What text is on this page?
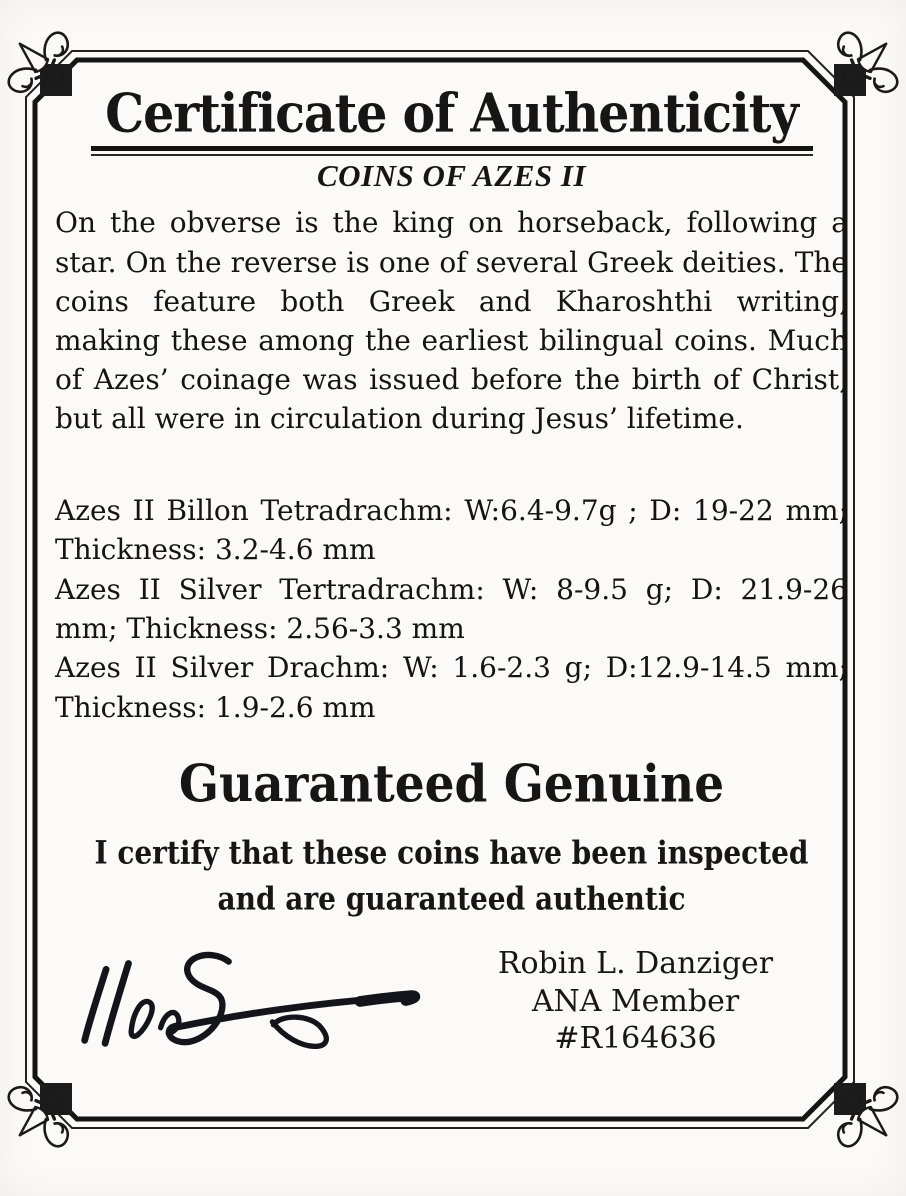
Certificate of Authenticity
COINS OF AZES II
On the obverse is the king on horseback, following a star. On the reverse is one of several Greek deities. The coins feature both Greek and Kharoshthi writing, making these among the earliest bilingual coins. Much of Azes’ coinage was issued before the birth of Christ, but all were in circulation during Jesus’ lifetime.
Azes II Billon Tetradrachm: W:6.4-9.7g ; D: 19-22 mm; Thickness: 3.2-4.6 mm
Azes II Silver Tertradrachm: W: 8-9.5 g; D: 21.9-26 mm; Thickness: 2.56-3.3 mm
Azes II Silver Drachm: W: 1.6-2.3 g; D:12.9-14.5 mm; Thickness: 1.9-2.6 mm
Guaranteed Genuine
I certify that these coins have been inspected
and are guaranteed authentic
Robin L. Danziger
ANA Member #R164636
